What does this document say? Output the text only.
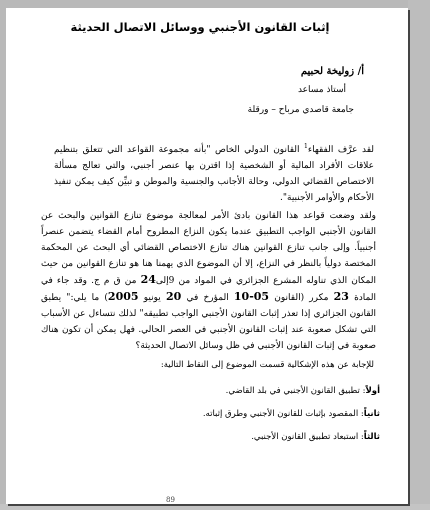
إثبات القانون الأجنبي ووسائل الاتصال الحديثة

أ/ زوليخة لحبيم

أستاذ مساعد

جامعة قاصدي مرباح – ورقلة

لقد عرَّف الفقهاء$^1$ القانون الدولي الخاص "بأنه مجموعة القواعد التي تتعلق بتنظيم علاقات الأفراد المالية أو الشخصية إذا اقترن بها عنصر أجنبي، والتي تعالج مسألة الاختصاص القضائي الدولي، وحالة الأجانب والجنسية والموطن و تبيِّن كيف يمكن تنفيذ الأحكام والأوامر الأجنبية".

ولقد وضعت قواعد هذا القانون بادئ الأمر لمعالجة موضوع تنازع القوانين والبحث عن القانون الأجنبي الواجب التطبيق عندما يكون النزاع المطروح أمام القضاء يتضمن عنصراً أجنبياً. وإلى جانب تنازع القوانين هناك تنازع الاختصاص القضائي أي البحث عن المحكمة المختصة دولياً بالنظر في النزاع، إلا أن الموضوع الذي يهمنا هنا هو تنازع القوانين من حيث المكان الذي تناوله المشرع الجزائري في المواد من 9إلى24 من ق م ج. وقد جاء في المادة 23 مكرر (القانون 05-10 المؤرخ في 20 يونيو 2005) ما يلي:" يطبق القانون الجزائري إذا تعذر إثبات القانون الأجنبي الواجب تطبيقه" لذلك نتساءل عن الأسباب التي تشكل صعوبة عند إثبات القانون الأجنبي في العصر الحالي. فهل يمكن أن تكون هناك صعوبة في إثبات القانون الأجنبي في ظل وسائل الاتصال الحديثة؟

للإجابة عن هذه الإشكالية قسمت الموضوع إلى النقاط التالية:

أولاً: تطبيق القانون الأجنبي في بلد القاضي.
ثانياً: المقصود بإثبات للقانون الأجنبي وطرق إثباته.
ثالثاً: استبعاد تطبيق القانون الأجنبي.
89
